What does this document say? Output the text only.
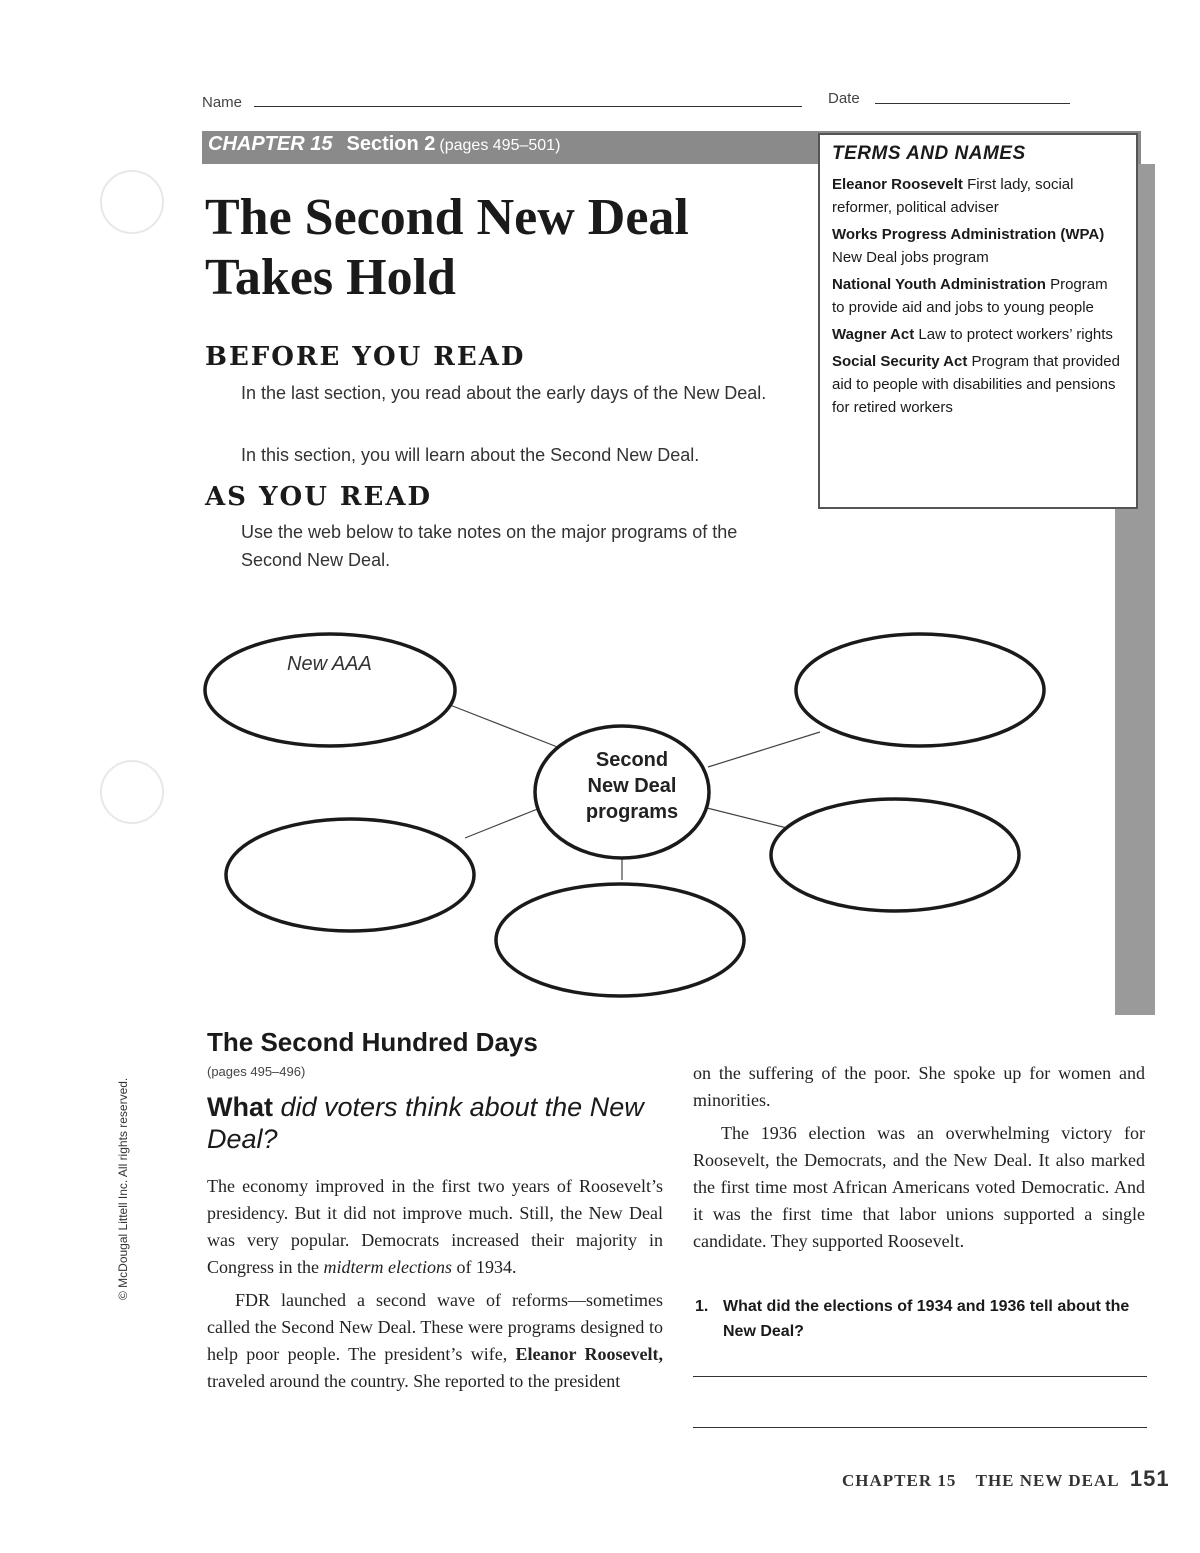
Name	Date
CHAPTER 15 Section 2 (pages 495–501)	TERMS AND NAMES
Eleanor Roosevelt First lady, social reformer, political adviser
Works Progress Administration (WPA) New Deal jobs program
National Youth Administration Program to provide aid and jobs to young people
Wagner Act Law to protect workers’ rights
Social Security Act Program that provided aid to people with disabilities and pensions for retired workers
The Second New Deal
Takes Hold
BEFORE YOU READ
In the last section, you read about the early days of the New Deal.
In this section, you will learn about the Second New Deal.
AS YOU READ
Use the web below to take notes on the major programs of the Second New Deal.
New AAA
Second
New Deal
programs
The Second Hundred Days
(pages 495–496)
What did voters think about the New Deal?

The economy improved in the first two years of Roosevelt’s presidency. But it did not improve much. Still, the New Deal was very popular. Democrats increased their majority in Congress in the midterm elections of 1934.

FDR launched a second wave of reforms—sometimes called the Second New Deal. These were programs designed to help poor people. The president’s wife, Eleanor Roosevelt, traveled around the country. She reported to the president

on the suffering of the poor. She spoke up for women and minorities.

The 1936 election was an overwhelming victory for Roosevelt, the Democrats, and the New Deal. It also marked the first time most African Americans voted Democratic. And it was the first time that labor unions supported a single candidate. They supported Roosevelt.

1. What did the elections of 1934 and 1936 tell about the New Deal?
CHAPTER 15 THE NEW DEAL 151
© McDougal Littell Inc. All rights reserved.
